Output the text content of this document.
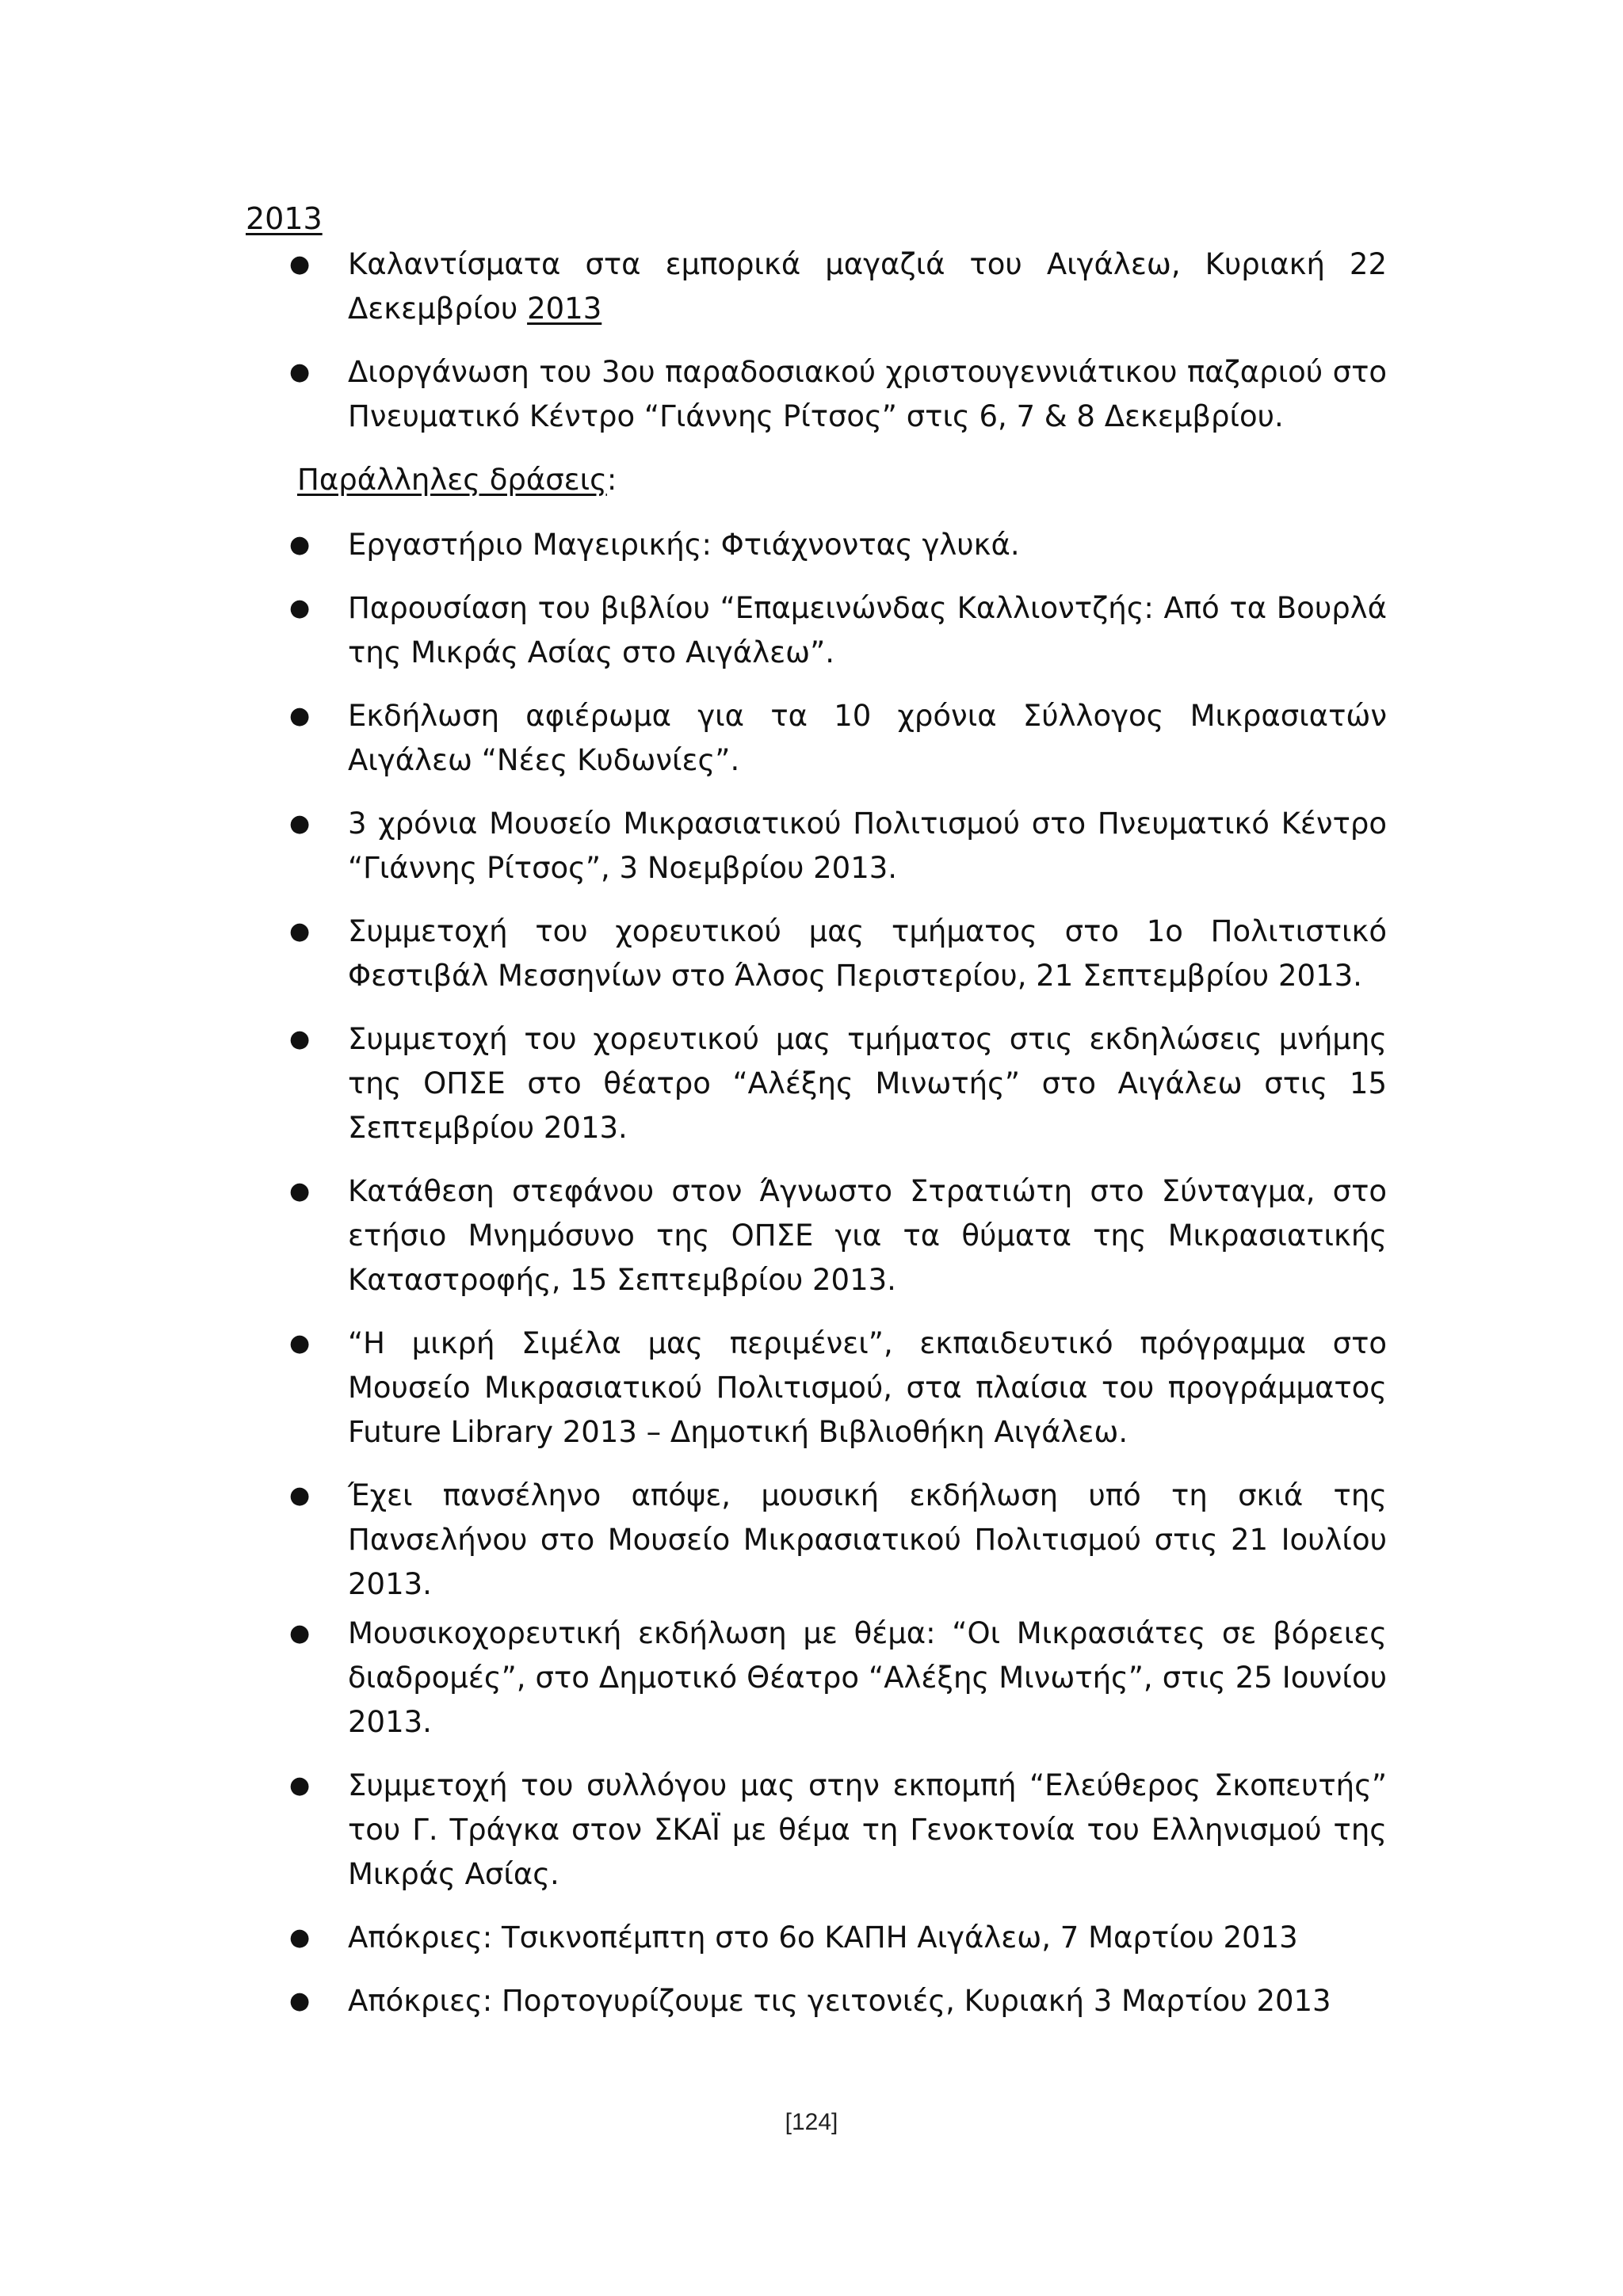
2013
● Καλαντίσματα στα εμπορικά μαγαζιά του Αιγάλεω, Κυριακή 22 Δεκεμβρίου 2013
● Διοργάνωση του 3ου παραδοσιακού χριστουγεννιάτικου παζαριού στο Πνευματικό Κέντρο “Γιάννης Ρίτσος” στις 6, 7 & 8 Δεκεμβρίου.
Παράλληλες δράσεις:
● Εργαστήριο Μαγειρικής: Φτιάχνοντας γλυκά.
● Παρουσίαση του βιβλίου “Επαμεινώνδας Καλλιοντζής: Από τα Βουρλά της Μικράς Ασίας στο Αιγάλεω”.
● Εκδήλωση αφιέρωμα για τα 10 χρόνια Σύλλογος Μικρασιατών Αιγάλεω “Νέες Κυδωνίες”.
● 3 χρόνια Μουσείο Μικρασιατικού Πολιτισμού στο Πνευματικό Κέντρο “Γιάννης Ρίτσος”, 3 Νοεμβρίου 2013.
● Συμμετοχή του χορευτικού μας τμήματος στο 1ο Πολιτιστικό Φεστιβάλ Μεσσηνίων στο Άλσος Περιστερίου, 21 Σεπτεμβρίου 2013.
● Συμμετοχή του χορευτικού μας τμήματος στις εκδηλώσεις μνήμης της ΟΠΣΕ στο θέατρο “Αλέξης Μινωτής” στο Αιγάλεω στις 15 Σεπτεμβρίου 2013.
● Κατάθεση στεφάνου στον Άγνωστο Στρατιώτη στο Σύνταγμα, στο ετήσιο Μνημόσυνο της ΟΠΣΕ για τα θύματα της Μικρασιατικής Καταστροφής, 15 Σεπτεμβρίου 2013.
● “Η μικρή Σιμέλα μας περιμένει”, εκπαιδευτικό πρόγραμμα στο Μουσείο Μικρασιατικού Πολιτισμού, στα πλαίσια του προγράμματος Future Library 2013 – Δημοτική Βιβλιοθήκη Αιγάλεω.
● Έχει πανσέληνο απόψε, μουσική εκδήλωση υπό τη σκιά της Πανσελήνου στο Μουσείο Μικρασιατικού Πολιτισμού στις 21 Ιουλίου 2013.
● Μουσικοχορευτική εκδήλωση με θέμα: “Οι Μικρασιάτες σε βόρειες διαδρομές”, στο Δημοτικό Θέατρο “Αλέξης Μινωτής”, στις 25 Ιουνίου 2013.
● Συμμετοχή του συλλόγου μας στην εκπομπή “Ελεύθερος Σκοπευτής” του Γ. Τράγκα στον ΣΚΑΪ με θέμα τη Γενοκτονία του Ελληνισμού της Μικράς Ασίας.
● Απόκριες: Τσικνοπέμπτη στο 6ο ΚΑΠΗ Αιγάλεω, 7 Μαρτίου 2013
● Απόκριες: Πορτογυρίζουμε τις γειτονιές, Κυριακή 3 Μαρτίου 2013
[124]
